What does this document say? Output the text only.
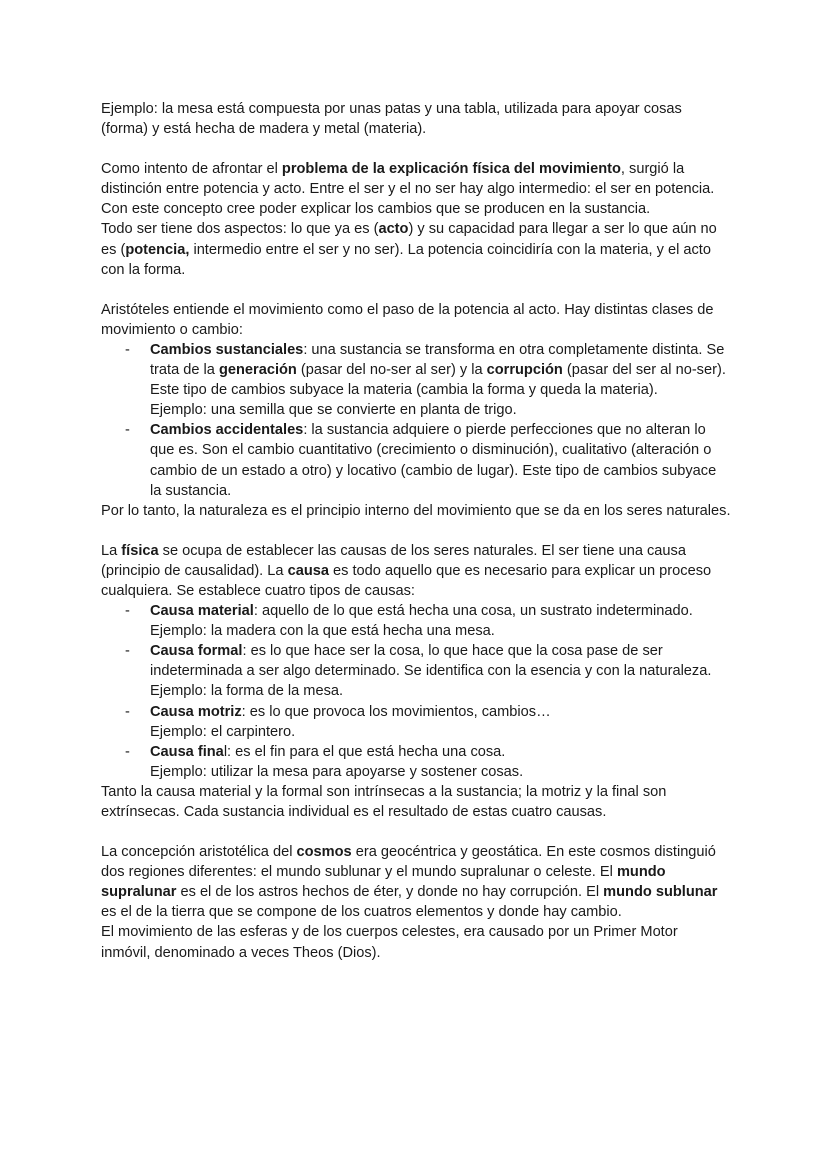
Ejemplo: la mesa está compuesta por unas patas y una tabla, utilizada para apoyar cosas (forma) y está hecha de madera y metal (materia).

Como intento de afrontar el problema de la explicación física del movimiento, surgió la distinción entre potencia y acto. Entre el ser y el no ser hay algo intermedio: el ser en potencia. Con este concepto cree poder explicar los cambios que se producen en la sustancia.

Todo ser tiene dos aspectos: lo que ya es (acto) y su capacidad para llegar a ser lo que aún no es (potencia, intermedio entre el ser y no ser). La potencia coincidiría con la materia, y el acto con la forma.

Aristóteles entiende el movimiento como el paso de la potencia al acto. Hay distintas clases de movimiento o cambio:

- Cambios sustanciales: una sustancia se transforma en otra completamente distinta. Se trata de la generación (pasar del no-ser al ser) y la corrupción (pasar del ser al no-ser). Este tipo de cambios subyace la materia (cambia la forma y queda la materia).
Ejemplo: una semilla que se convierte en planta de trigo.
- Cambios accidentales: la sustancia adquiere o pierde perfecciones que no alteran lo que es. Son el cambio cuantitativo (crecimiento o disminución), cualitativo (alteración o cambio de un estado a otro) y locativo (cambio de lugar). Este tipo de cambios subyace la sustancia.

Por lo tanto, la naturaleza es el principio interno del movimiento que se da en los seres naturales.

La física se ocupa de establecer las causas de los seres naturales. El ser tiene una causa (principio de causalidad). La causa es todo aquello que es necesario para explicar un proceso cualquiera. Se establece cuatro tipos de causas:

- Causa material: aquello de lo que está hecha una cosa, un sustrato indeterminado.
Ejemplo: la madera con la que está hecha una mesa.
- Causa formal: es lo que hace ser la cosa, lo que hace que la cosa pase de ser indeterminada a ser algo determinado. Se identifica con la esencia y con la naturaleza.
Ejemplo: la forma de la mesa.
- Causa motriz: es lo que provoca los movimientos, cambios…
Ejemplo: el carpintero.
- Causa final: es el fin para el que está hecha una cosa.
Ejemplo: utilizar la mesa para apoyarse y sostener cosas.

Tanto la causa material y la formal son intrínsecas a la sustancia; la motriz y la final son extrínsecas. Cada sustancia individual es el resultado de estas cuatro causas.

La concepción aristotélica del cosmos era geocéntrica y geostática. En este cosmos distinguió dos regiones diferentes: el mundo sublunar y el mundo supralunar o celeste. El mundo supralunar es el de los astros hechos de éter, y donde no hay corrupción. El mundo sublunar es el de la tierra que se compone de los cuatros elementos y donde hay cambio.

El movimiento de las esferas y de los cuerpos celestes, era causado por un Primer Motor inmóvil, denominado a veces Theos (Dios).
